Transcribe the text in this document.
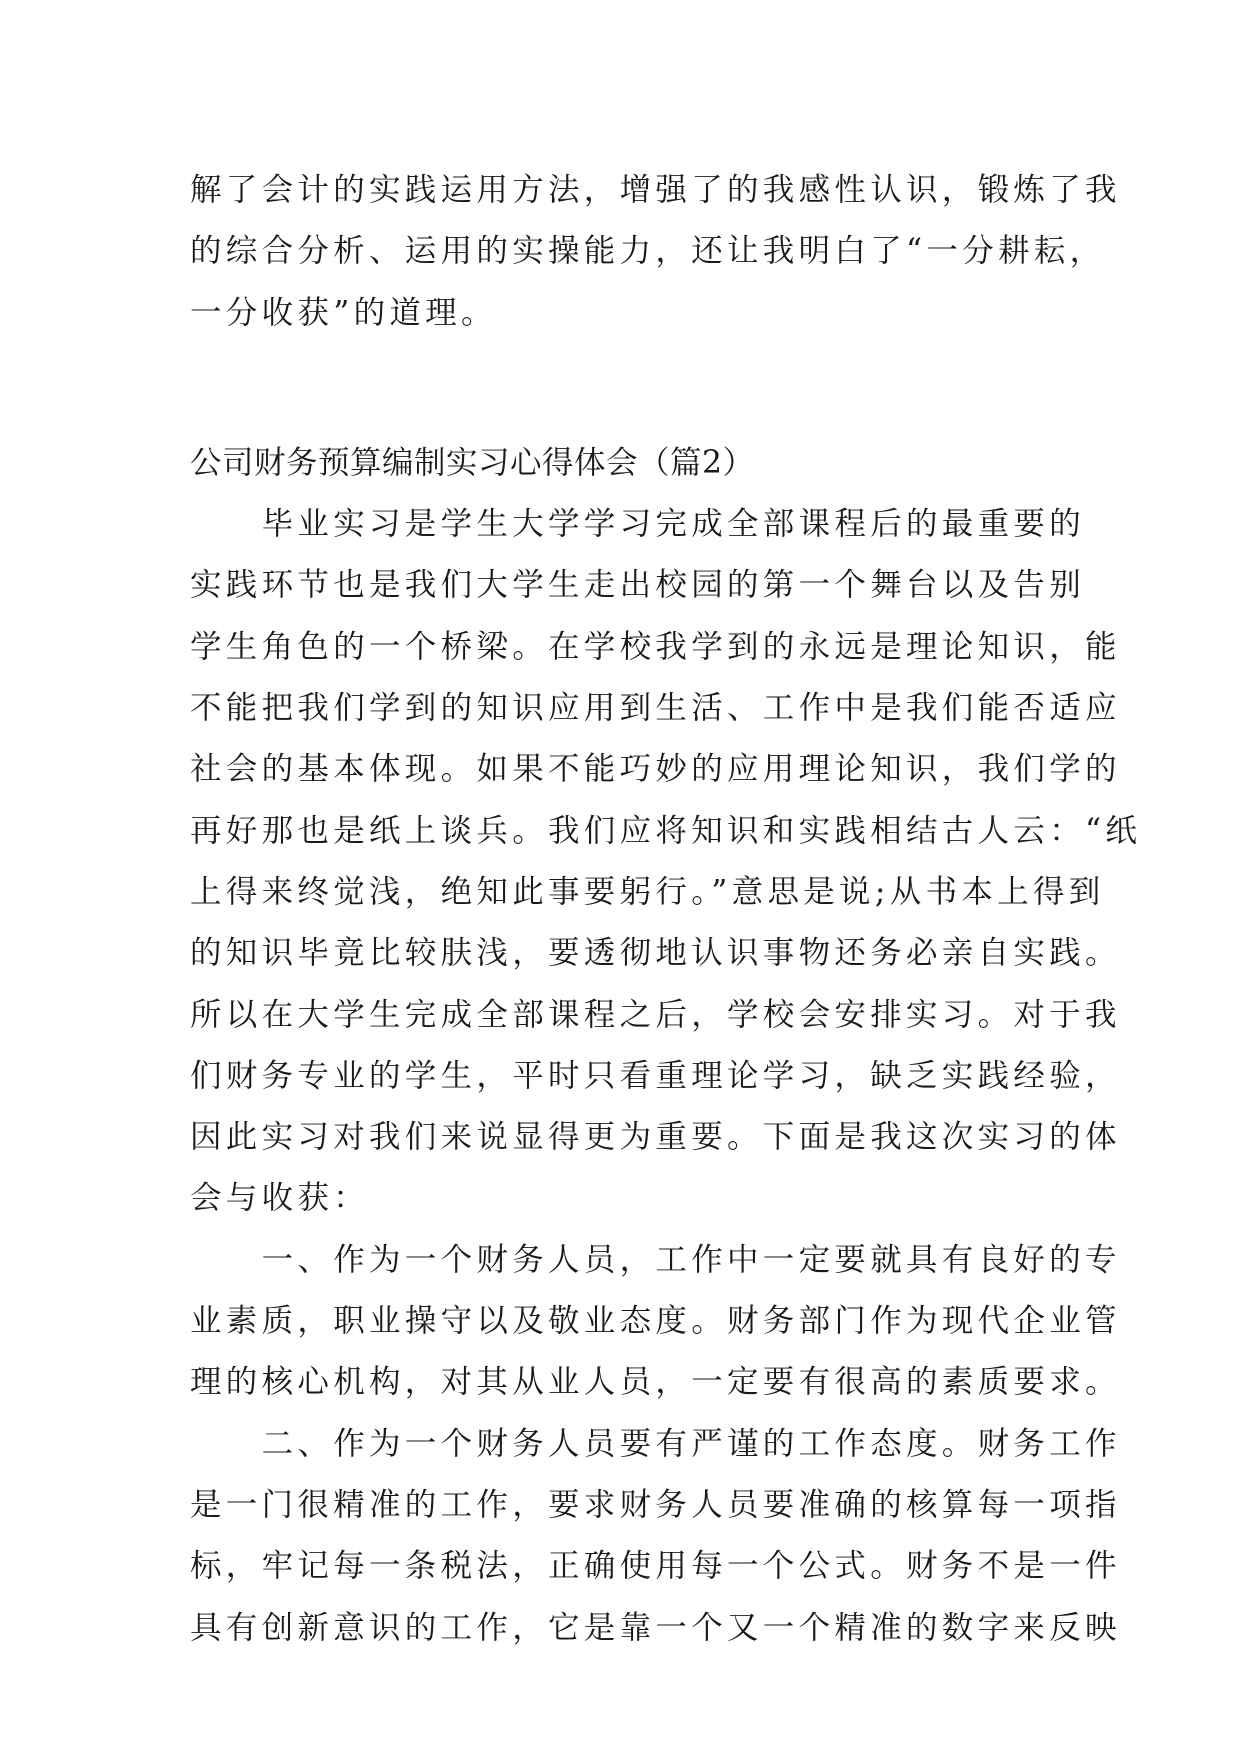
解了会计的实践运用方法，增强了的我感性认识，锻炼了我
的综合分析、运用的实操能力，还让我明白了“一分耕耘，
一分收获”的道理。
公司财务预算编制实习心得体会（篇2）
　　毕业实习是学生大学学习完成全部课程后的最重要的
实践环节也是我们大学生走出校园的第一个舞台以及告别
学生角色的一个桥梁。在学校我学到的永远是理论知识，能
不能把我们学到的知识应用到生活、工作中是我们能否适应
社会的基本体现。如果不能巧妙的应用理论知识，我们学的
再好那也是纸上谈兵。我们应将知识和实践相结古人云：“纸
上得来终觉浅，绝知此事要躬行。”意思是说;从书本上得到
的知识毕竟比较肤浅，要透彻地认识事物还务必亲自实践。
所以在大学生完成全部课程之后，学校会安排实习。对于我
们财务专业的学生，平时只看重理论学习，缺乏实践经验，
因此实习对我们来说显得更为重要。下面是我这次实习的体
会与收获：
　　一、作为一个财务人员，工作中一定要就具有良好的专
业素质，职业操守以及敬业态度。财务部门作为现代企业管
理的核心机构，对其从业人员，一定要有很高的素质要求。
　　二、作为一个财务人员要有严谨的工作态度。财务工作
是一门很精准的工作，要求财务人员要准确的核算每一项指
标，牢记每一条税法，正确使用每一个公式。财务不是一件
具有创新意识的工作，它是靠一个又一个精准的数字来反映
